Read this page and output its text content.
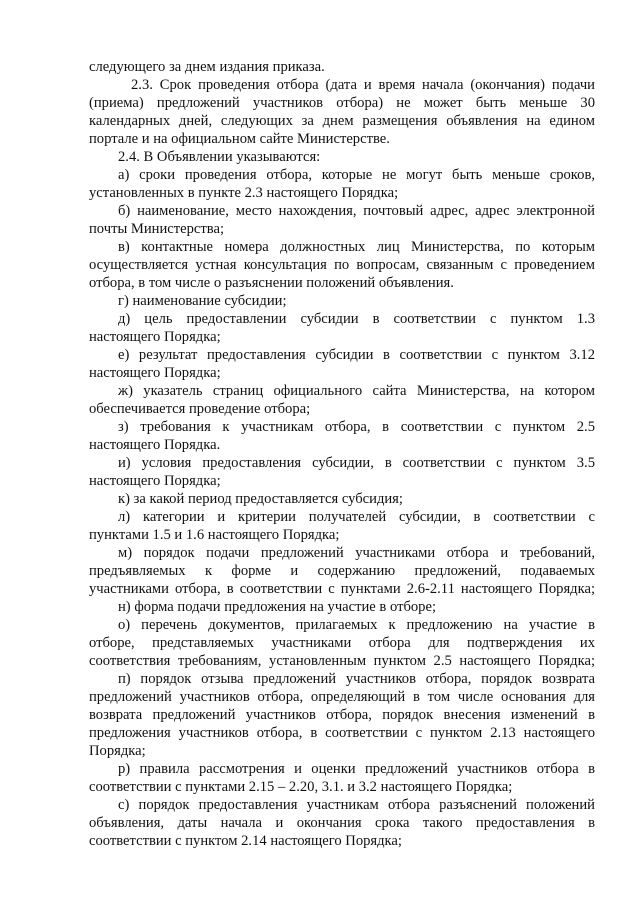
следующего за днем издания приказа.
2.3. Срок проведения отбора (дата и время начала (окончания) подачи
(приема) предложений участников отбора) не может быть меньше 30
календарных дней, следующих за днем размещения объявления на едином
портале и на официальном сайте Министерстве.
2.4. В Объявлении указываются:
а) сроки проведения отбора, которые не могут быть меньше сроков,
установленных в пункте 2.3 настоящего Порядка;
б) наименование, место нахождения, почтовый адрес, адрес электронной
почты Министерства;
в) контактные номера должностных лиц Министерства, по которым
осуществляется устная консультация по вопросам, связанным с проведением
отбора, в том числе о разъяснении положений объявления.
г) наименование субсидии;
д) цель предоставлении субсидии в соответствии с пунктом 1.3
настоящего Порядка;
е) результат предоставления субсидии в соответствии с пунктом 3.12
настоящего Порядка;
ж) указатель страниц официального сайта Министерства, на котором
обеспечивается проведение отбора;
з) требования к участникам отбора, в соответствии с пунктом 2.5
настоящего Порядка.
и) условия предоставления субсидии, в соответствии с пунктом 3.5
настоящего Порядка;
к) за какой период предоставляется субсидия;
л) категории и критерии получателей субсидии, в соответствии с
пунктами 1.5 и 1.6 настоящего Порядка;
м) порядок подачи предложений участниками отбора и требований,
предъявляемых к форме и содержанию предложений, подаваемых
участниками отбора, в соответствии с пунктами 2.6-2.11 настоящего Порядка;
н) форма подачи предложения на участие в отборе;
о) перечень документов, прилагаемых к предложению на участие в
отборе, представляемых участниками отбора для подтверждения их
соответствия требованиям, установленным пунктом 2.5 настоящего Порядка;
п) порядок отзыва предложений участников отбора, порядок возврата
предложений участников отбора, определяющий в том числе основания для
возврата предложений участников отбора, порядок внесения изменений в
предложения участников отбора, в соответствии с пунктом 2.13 настоящего
Порядка;
р) правила рассмотрения и оценки предложений участников отбора в
соответствии с пунктами 2.15 – 2.20, 3.1. и 3.2 настоящего Порядка;
с) порядок предоставления участникам отбора разъяснений положений
объявления, даты начала и окончания срока такого предоставления в
соответствии с пунктом 2.14 настоящего Порядка;
